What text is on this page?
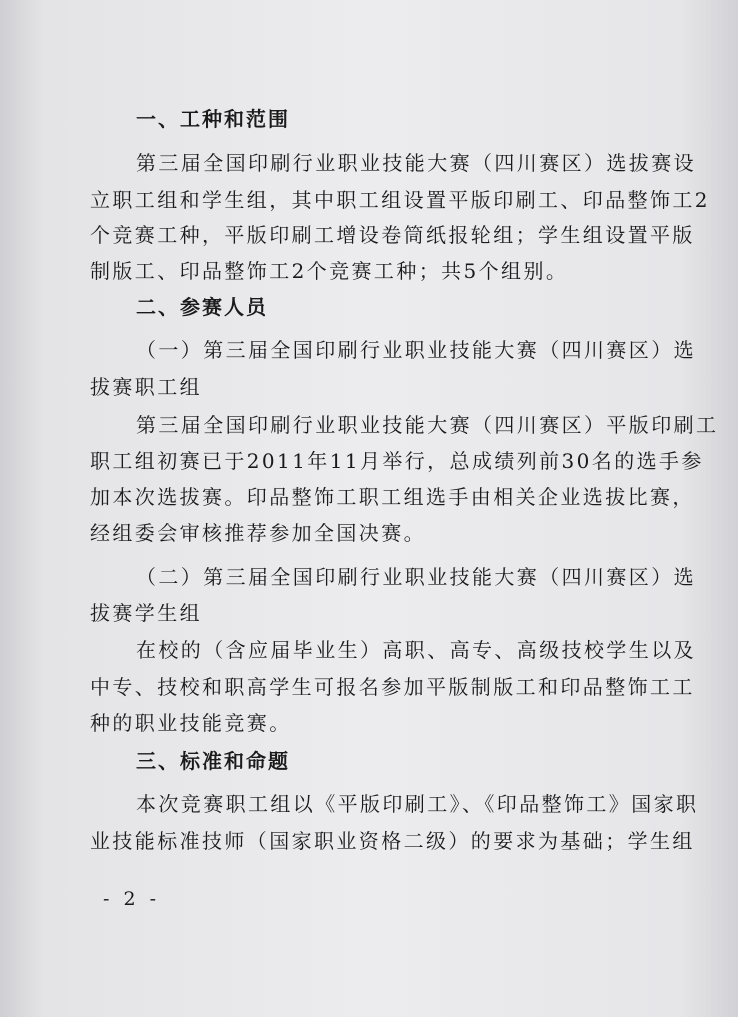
一、工种和范围
第三届全国印刷行业职业技能大赛（四川赛区）选拔赛设
立职工组和学生组，其中职工组设置平版印刷工、印品整饰工2
个竞赛工种，平版印刷工增设卷筒纸报轮组；学生组设置平版
制版工、印品整饰工2个竞赛工种；共5个组别。
二、参赛人员
（一）第三届全国印刷行业职业技能大赛（四川赛区）选
拔赛职工组
第三届全国印刷行业职业技能大赛（四川赛区）平版印刷工
职工组初赛已于2011年11月举行，总成绩列前30名的选手参
加本次选拔赛。印品整饰工职工组选手由相关企业选拔比赛，
经组委会审核推荐参加全国决赛。
（二）第三届全国印刷行业职业技能大赛（四川赛区）选
拔赛学生组
在校的（含应届毕业生）高职、高专、高级技校学生以及
中专、技校和职高学生可报名参加平版制版工和印品整饰工工
种的职业技能竞赛。
三、标准和命题
本次竞赛职工组以《平版印刷工》、《印品整饰工》国家职
业技能标准技师（国家职业资格二级）的要求为基础；学生组
- 2 -
